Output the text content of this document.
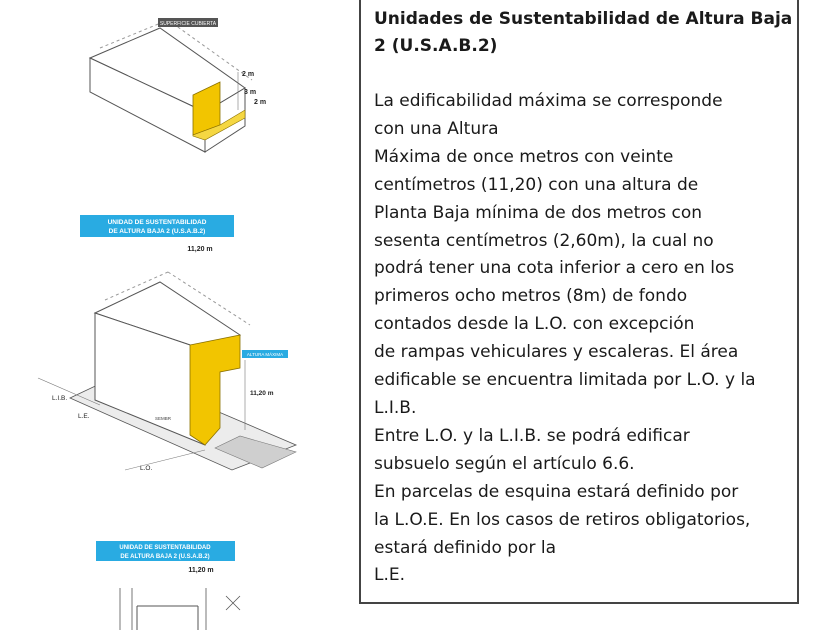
SUPERFICIE CUBIERTA
2 m
3 m
2 m
UNIDAD DE SUSTENTABILIDAD
DE ALTURA BAJA 2 (U.S.A.B.2)
11,20 m
ALTURA MÁXIMA
11,20 m
L.I.B.
L.E.
L.O.
SEMBR
UNIDAD DE SUSTENTABILIDAD
DE ALTURA BAJA 2 (U.S.A.B.2)
11,20 m
Unidades de Sustentabilidad de Altura Baja
2 (U.S.A.B.2)
La edificabilidad máxima se corresponde
con una Altura
Máxima de once metros con veinte
centímetros (11,20) con una altura de
Planta Baja mínima de dos metros con
sesenta centímetros (2,60m), la cual no
podrá tener una cota inferior a cero en los
primeros ocho metros (8m) de fondo
contados desde la L.O. con excepción
de rampas vehiculares y escaleras. El área
edificable se encuentra limitada por L.O. y la
L.I.B.
Entre L.O. y la L.I.B. se podrá edificar
subsuelo según el artículo 6.6.
En parcelas de esquina estará definido por
la L.O.E. En los casos de retiros obligatorios,
estará definido por la
L.E.
